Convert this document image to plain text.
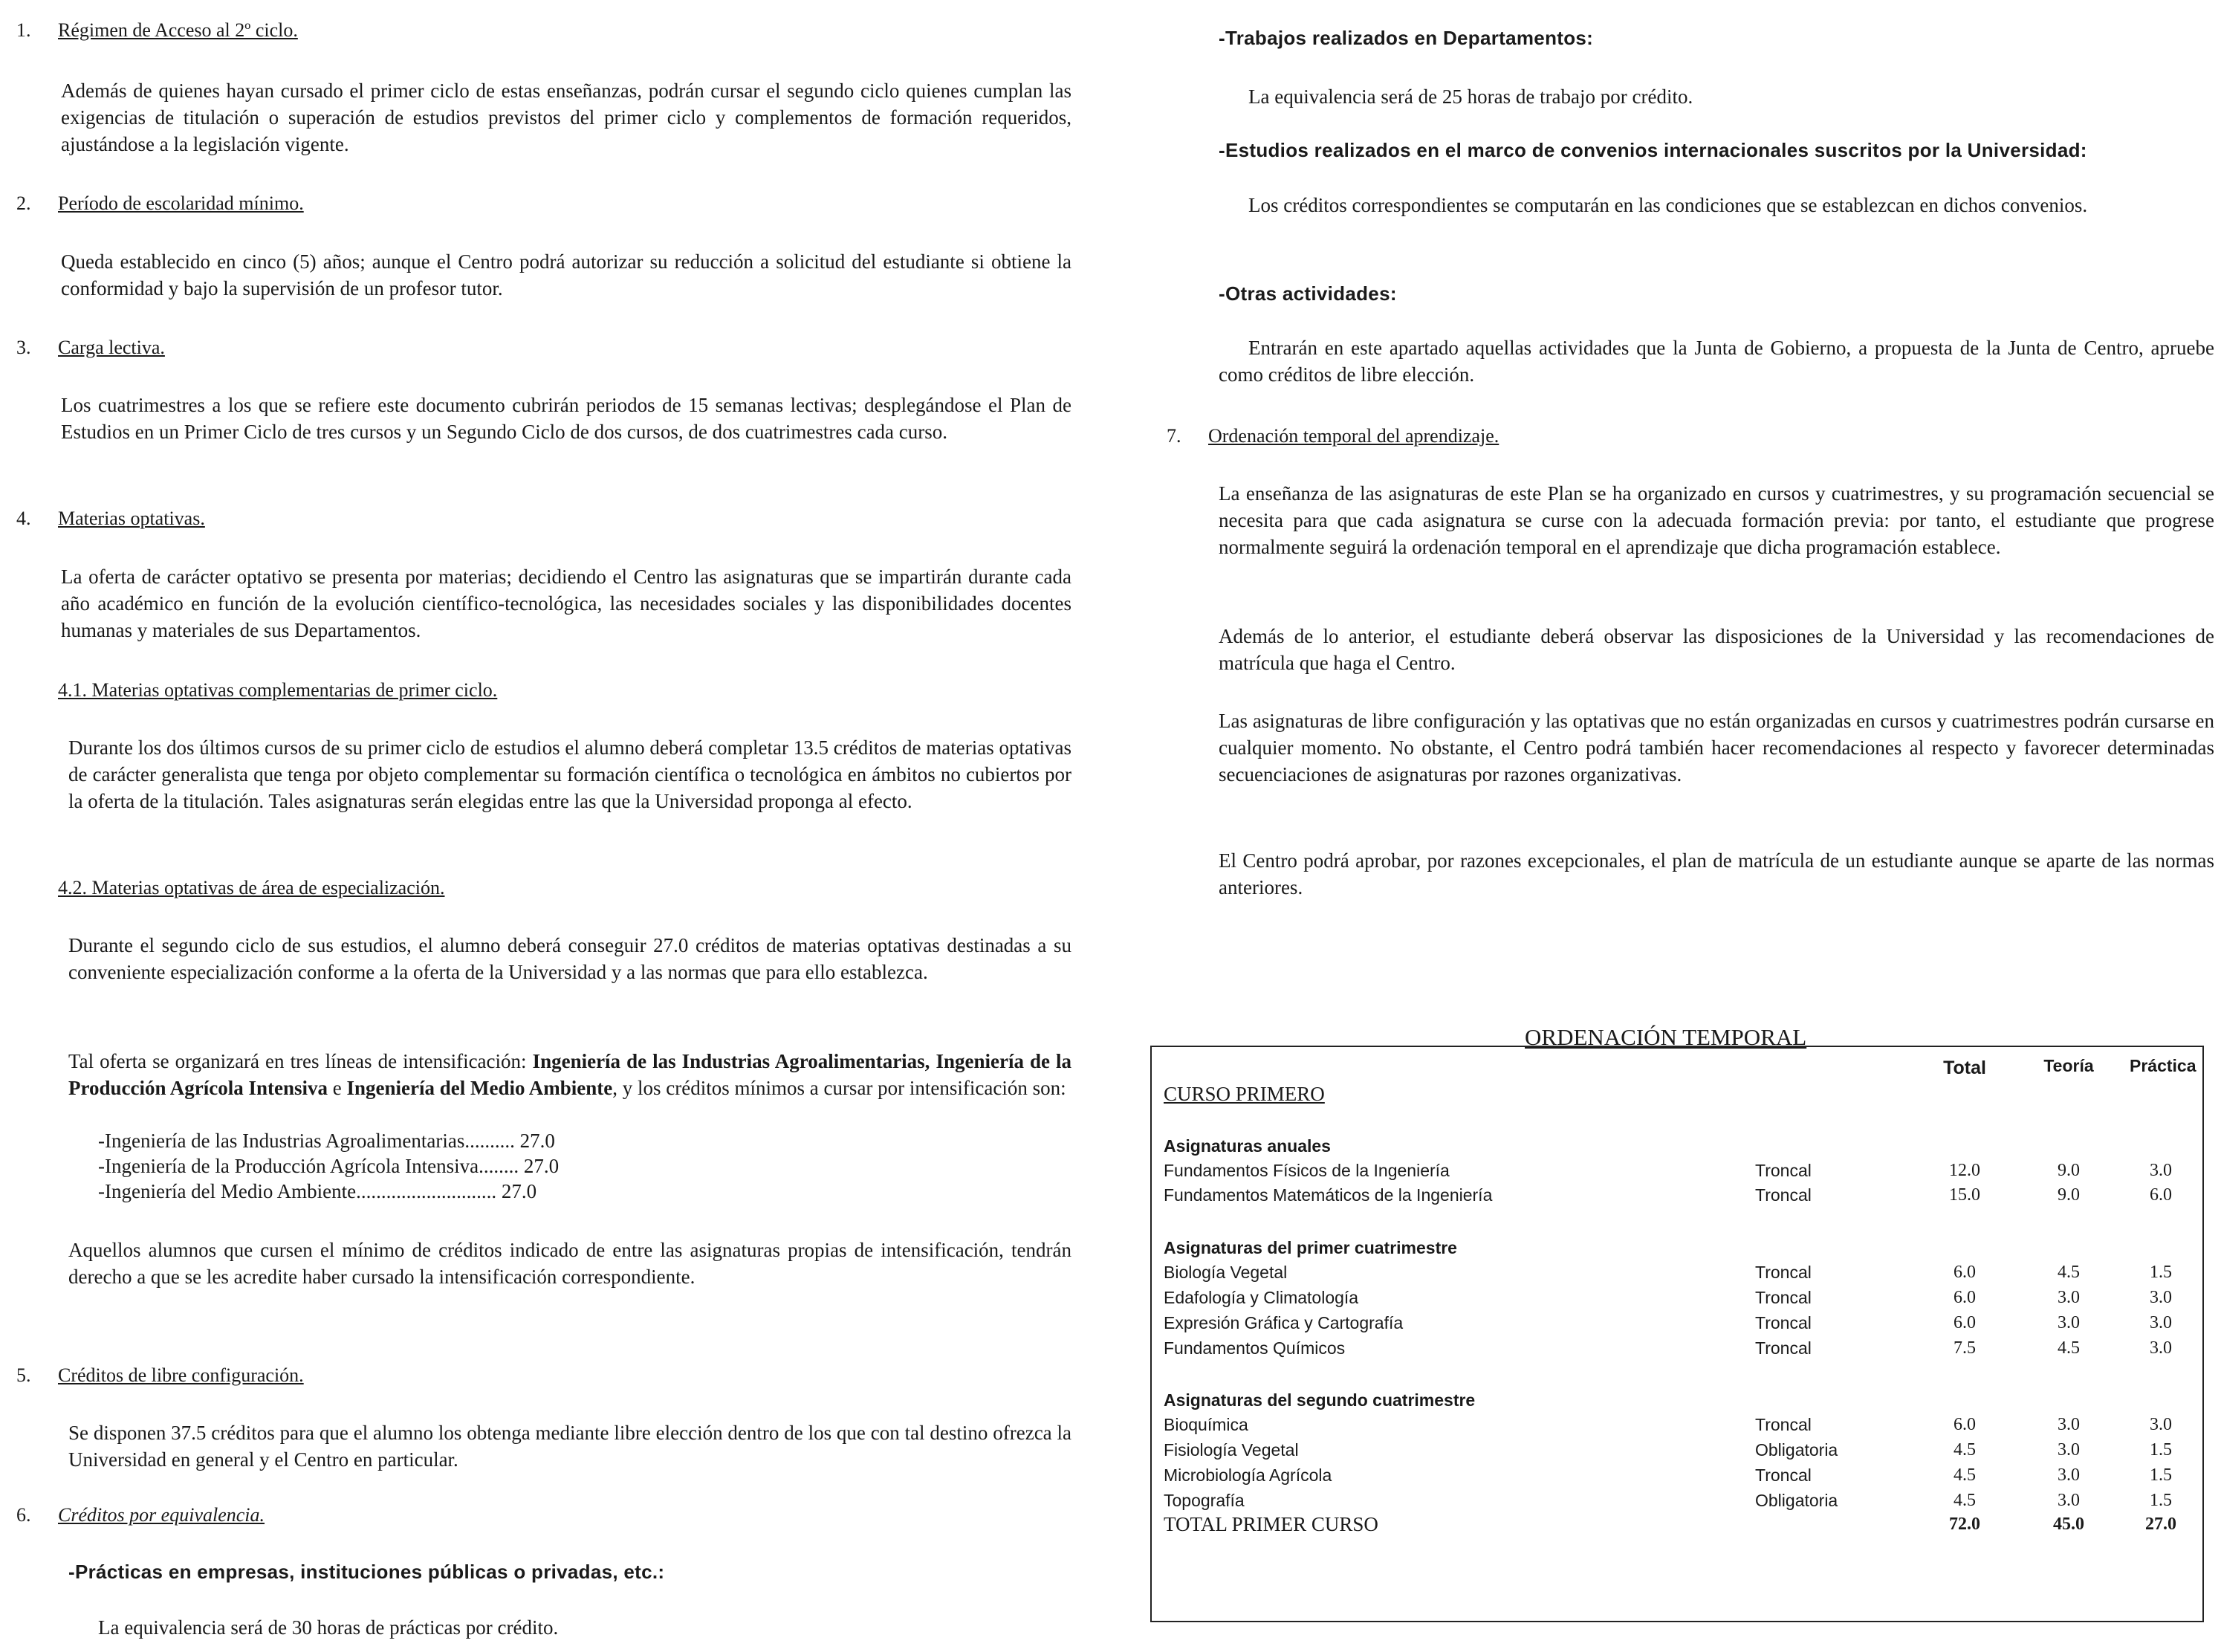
1. Régimen de Acceso al 2º ciclo.

Además de quienes hayan cursado el primer ciclo de estas enseñanzas, podrán cursar el segundo ciclo quienes cumplan las exigencias de titulación o superación de estudios previstos del primer ciclo y complementos de formación requeridos, ajustándose a la legislación vigente.

2. Período de escolaridad mínimo.

Queda establecido en cinco (5) años; aunque el Centro podrá autorizar su reducción a solicitud del estudiante si obtiene la conformidad y bajo la supervisión de un profesor tutor.

3. Carga lectiva.

Los cuatrimestres a los que se refiere este documento cubrirán periodos de 15 semanas lectivas; desplegándose el Plan de Estudios en un Primer Ciclo de tres cursos y un Segundo Ciclo de dos cursos, de dos cuatrimestres cada curso.

4. Materias optativas.

La oferta de carácter optativo se presenta por materias; decidiendo el Centro las asignaturas que se impartirán durante cada año académico en función de la evolución científico-tecnológica, las necesidades sociales y las disponibilidades docentes humanas y materiales de sus Departamentos.

4.1. Materias optativas complementarias de primer ciclo.

Durante los dos últimos cursos de su primer ciclo de estudios el alumno deberá completar 13.5 créditos de materias optativas de carácter generalista que tenga por objeto complementar su formación científica o tecnológica en ámbitos no cubiertos por la oferta de la titulación. Tales asignaturas serán elegidas entre las que la Universidad proponga al efecto.

4.2. Materias optativas de área de especialización.

Durante el segundo ciclo de sus estudios, el alumno deberá conseguir 27.0 créditos de materias optativas destinadas a su conveniente especialización conforme a la oferta de la Universidad y a las normas que para ello establezca.

Tal oferta se organizará en tres líneas de intensificación: Ingeniería de las Industrias Agroalimentarias, Ingeniería de la Producción Agrícola Intensiva e Ingeniería del Medio Ambiente, y los créditos mínimos a cursar por intensificación son:

-Ingeniería de las Industrias Agroalimentarias.......... 27.0
-Ingeniería de la Producción Agrícola Intensiva........ 27.0
-Ingeniería del Medio Ambiente............................ 27.0

Aquellos alumnos que cursen el mínimo de créditos indicado de entre las asignaturas propias de intensificación, tendrán derecho a que se les acredite haber cursado la intensificación correspondiente.

5. Créditos de libre configuración.

Se disponen 37.5 créditos para que el alumno los obtenga mediante libre elección dentro de los que con tal destino ofrezca la Universidad en general y el Centro en particular.

6. Créditos por equivalencia.
-Prácticas en empresas, instituciones públicas o privadas, etc.:

La equivalencia será de 30 horas de prácticas por crédito.

-Trabajos realizados en Departamentos:

La equivalencia será de 25 horas de trabajo por crédito.

-Estudios realizados en el marco de convenios internacionales suscritos por la Universidad:

Los créditos correspondientes se computarán en las condiciones que se establezcan en dichos convenios.

-Otras actividades:

Entrarán en este apartado aquellas actividades que la Junta de Gobierno, a propuesta de la Junta de Centro, apruebe como créditos de libre elección.

7. Ordenación temporal del aprendizaje.

La enseñanza de las asignaturas de este Plan se ha organizado en cursos y cuatrimestres, y su programación secuencial se necesita para que cada asignatura se curse con la adecuada formación previa: por tanto, el estudiante que progrese normalmente seguirá la ordenación temporal en el aprendizaje que dicha programación establece.

Además de lo anterior, el estudiante deberá observar las disposiciones de la Universidad y las recomendaciones de matrícula que haga el Centro.

Las asignaturas de libre configuración y las optativas que no están organizadas en cursos y cuatrimestres podrán cursarse en cualquier momento. No obstante, el Centro podrá también hacer recomendaciones al respecto y favorecer determinadas secuenciaciones de asignaturas por razones organizativas.

El Centro podrá aprobar, por razones excepcionales, el plan de matrícula de un estudiante aunque se aparte de las normas anteriores.

ORDENACIÓN TEMPORAL
Total	Teoría	Práctica
CURSO PRIMERO
Asignaturas anuales
Fundamentos Físicos de la Ingeniería	Troncal	12.0	9.0	3.0
Fundamentos Matemáticos de la Ingeniería	Troncal	15.0	9.0	6.0
Asignaturas del primer cuatrimestre
Biología Vegetal	Troncal	6.0	4.5	1.5
Edafología y Climatología	Troncal	6.0	3.0	3.0
Expresión Gráfica y Cartografía	Troncal	6.0	3.0	3.0
Fundamentos Químicos	Troncal	7.5	4.5	3.0
Asignaturas del segundo cuatrimestre
Bioquímica	Troncal	6.0	3.0	3.0
Fisiología Vegetal	Obligatoria	4.5	3.0	1.5
Microbiología Agrícola	Troncal	4.5	3.0	1.5
Topografía	Obligatoria	4.5	3.0	1.5
TOTAL PRIMER CURSO	72.0	45.0	27.0
